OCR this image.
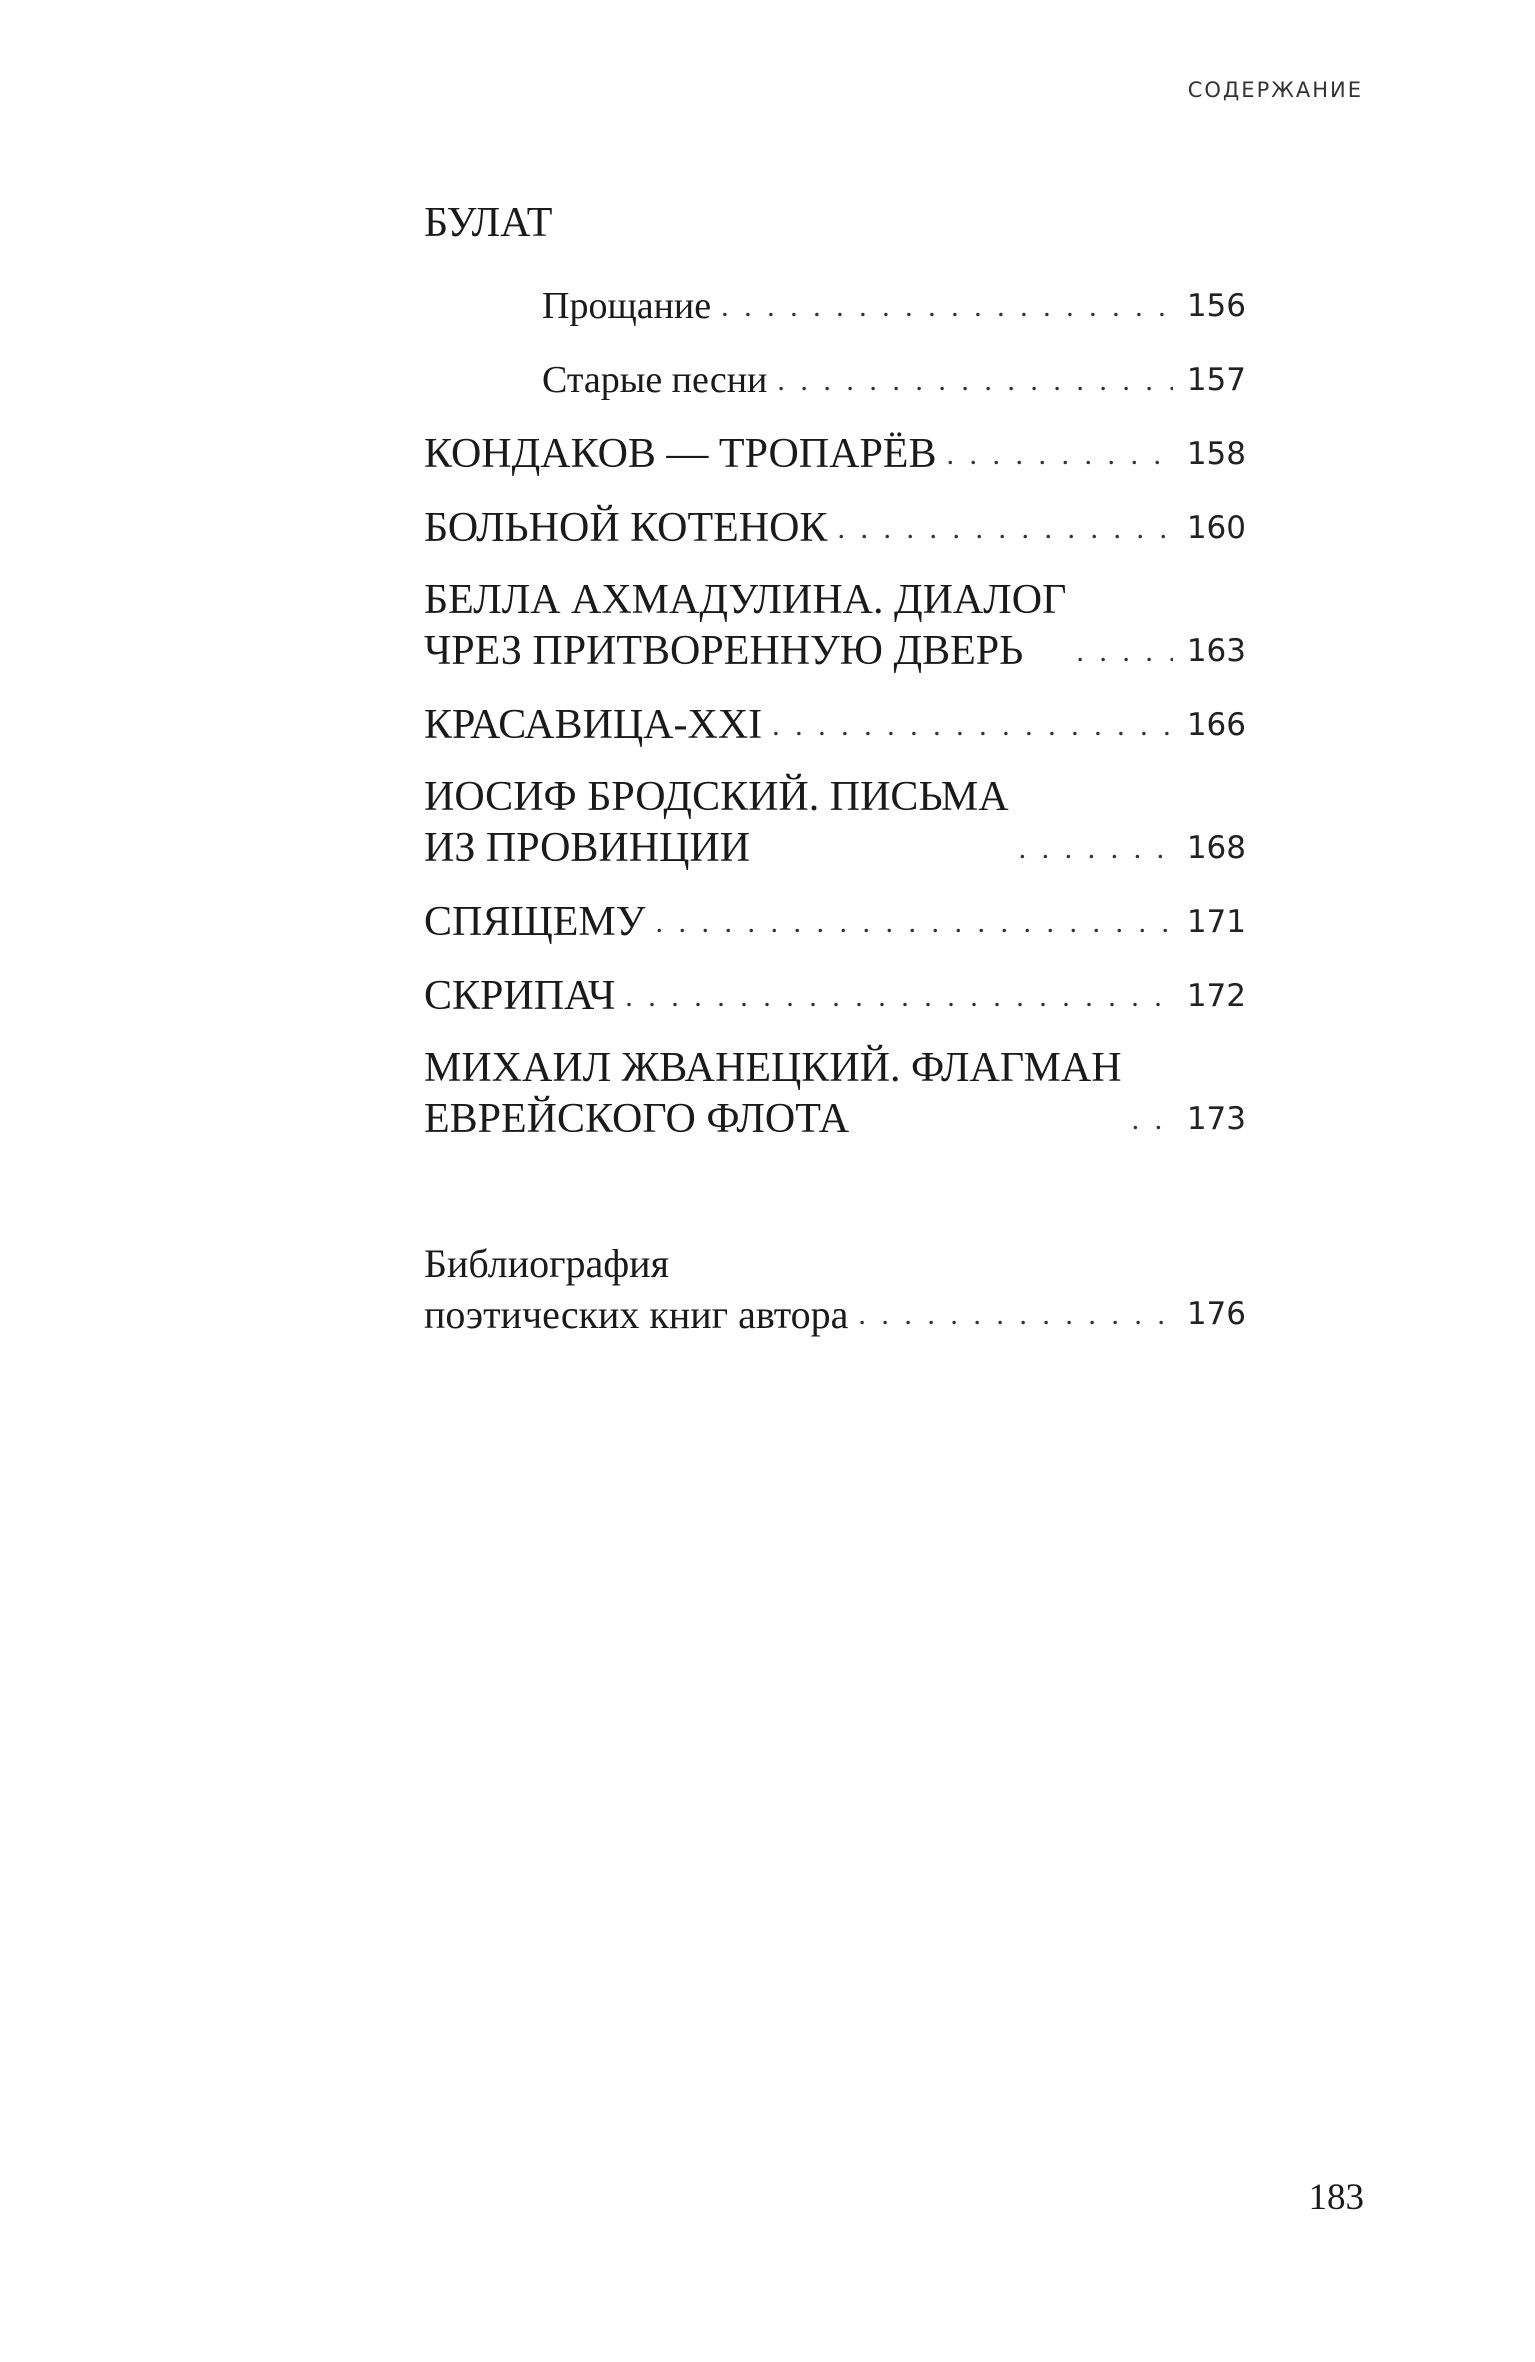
СОДЕРЖАНИЕ
БУЛАТ
Прощание . . .	156
Старые песни . . .	157
КОНДАКОВ — ТРОПАРЁВ . . .	158
БОЛЬНОЙ КОТЕНОК . . .	160
БЕЛЛА АХМАДУЛИНА. ДИАЛОГ
ЧРЕЗ ПРИТВОРЕННУЮ ДВЕРЬ . . .	163
КРАСАВИЦА-XXI . . .	166
ИОСИФ БРОДСКИЙ. ПИСЬМА
ИЗ ПРОВИНЦИИ . . .	168
СПЯЩЕМУ . . .	171
СКРИПАЧ . . .	172
МИХАИЛ ЖВАНЕЦКИЙ. ФЛАГМАН
ЕВРЕЙСКОГО ФЛОТА . . .	173
Библиография
поэтических книг автора . . .	176
183
